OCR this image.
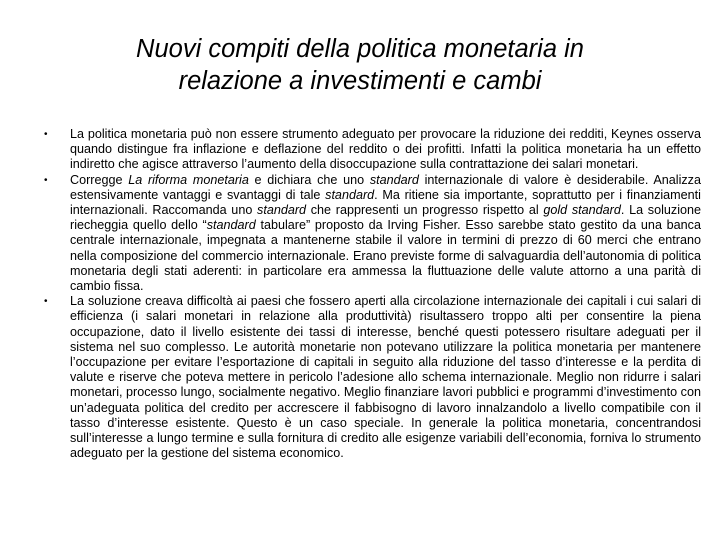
Nuovi compiti della politica monetaria in
relazione a investimenti e cambi
• La politica monetaria può non essere strumento adeguato per provocare la riduzione dei redditi, Keynes osserva quando distingue fra inflazione e deflazione del reddito o dei profitti. Infatti la politica monetaria ha un effetto indiretto che agisce attraverso l’aumento della disoccupazione sulla contrattazione dei salari monetari.
• Corregge La riforma monetaria e dichiara che uno standard internazionale di valore è desiderabile. Analizza estensivamente vantaggi e svantaggi di tale standard. Ma ritiene sia importante, soprattutto per i finanziamenti internazionali. Raccomanda uno standard che rappresenti un progresso rispetto al gold standard. La soluzione riecheggia quello dello “standard tabulare” proposto da Irving Fisher. Esso sarebbe stato gestito da una banca centrale internazionale, impegnata a mantenerne stabile il valore in termini di prezzo di 60 merci che entrano nella composizione del commercio internazionale. Erano previste forme di salvaguardia dell’autonomia di politica monetaria degli stati aderenti: in particolare era ammessa la fluttuazione delle valute attorno a una parità di cambio fissa.
• La soluzione creava difficoltà ai paesi che fossero aperti alla circolazione internazionale dei capitali i cui salari di efficienza (i salari monetari in relazione alla produttività) risultassero troppo alti per consentire la piena occupazione, dato il livello esistente dei tassi di interesse, benché questi potessero risultare adeguati per il sistema nel suo complesso. Le autorità monetarie non potevano utilizzare la politica monetaria per mantenere l’occupazione per evitare l’esportazione di capitali in seguito alla riduzione del tasso d’interesse e la perdita di valute e riserve che poteva mettere in pericolo l’adesione allo schema internazionale. Meglio non ridurre i salari monetari, processo lungo, socialmente negativo. Meglio finanziare lavori pubblici e programmi d’investimento con un’adeguata politica del credito per accrescere il fabbisogno di lavoro innalzandolo a livello compatibile con il tasso d’interesse esistente. Questo è un caso speciale. In generale la politica monetaria, concentrandosi sull’interesse a lungo termine e sulla fornitura di credito alle esigenze variabili dell’economia, forniva lo strumento adeguato per la gestione del sistema economico.
